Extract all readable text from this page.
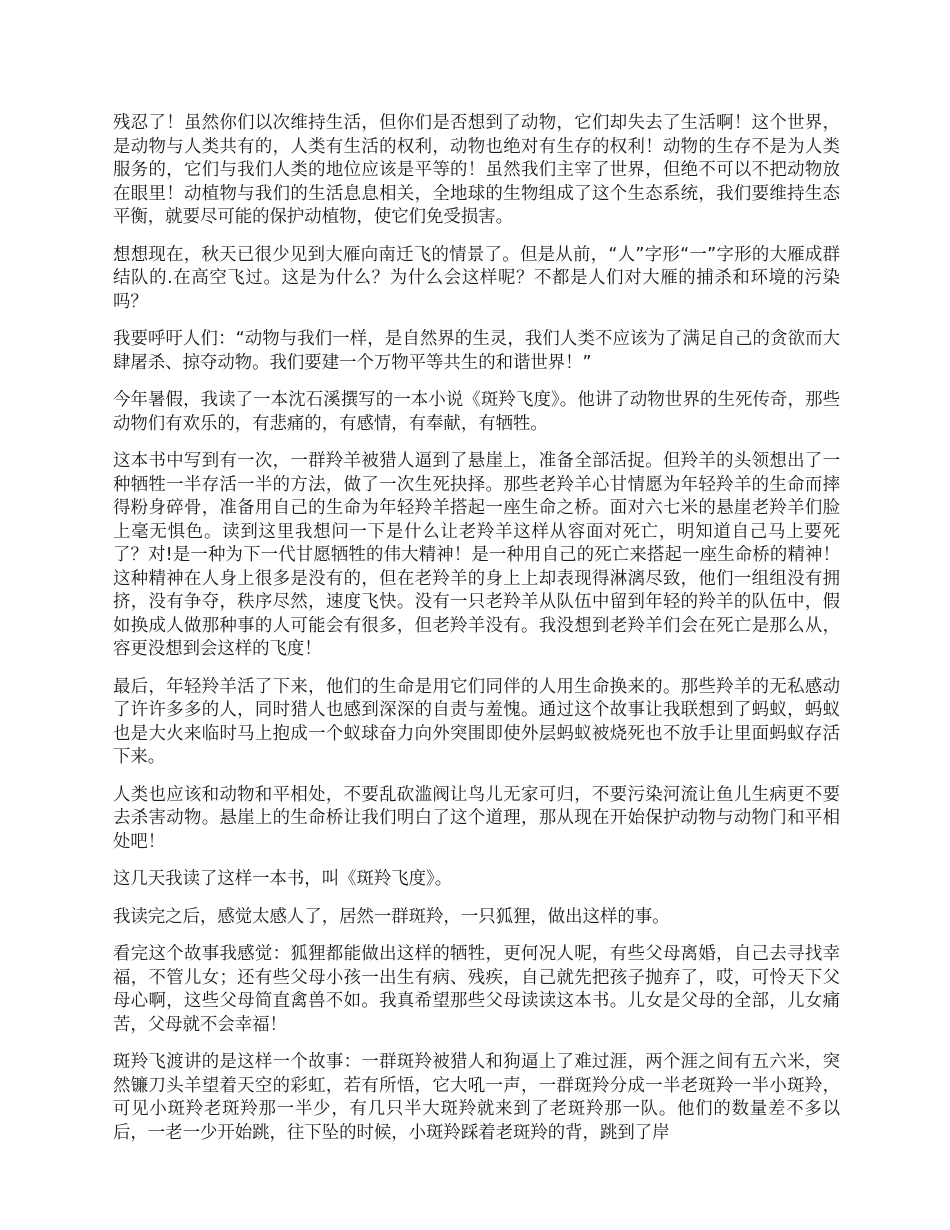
残忍了！虽然你们以次维持生活，但你们是否想到了动物，它们却失去了生活啊！这个世界，是动物与人类共有的，人类有生活的权利，动物也绝对有生存的权利！动物的生存不是为人类服务的，它们与我们人类的地位应该是平等的！虽然我们主宰了世界，但绝不可以不把动物放在眼里！动植物与我们的生活息息相关，全地球的生物组成了这个生态系统，我们要维持生态平衡，就要尽可能的保护动植物，使它们免受损害。

想想现在，秋天已很少见到大雁向南迁飞的情景了。但是从前，“人”字形“一”字形的大雁成群结队的.在高空飞过。这是为什么？为什么会这样呢？不都是人们对大雁的捕杀和环境的污染吗？

我要呼吁人们：“动物与我们一样，是自然界的生灵，我们人类不应该为了满足自己的贪欲而大肆屠杀、掠夺动物。我们要建一个万物平等共生的和谐世界！”

今年暑假，我读了一本沈石溪撰写的一本小说《斑羚飞度》。他讲了动物世界的生死传奇，那些动物们有欢乐的，有悲痛的，有感情，有奉献，有牺牲。

这本书中写到有一次，一群羚羊被猎人逼到了悬崖上，准备全部活捉。但羚羊的头领想出了一种牺牲一半存活一半的方法，做了一次生死抉择。那些老羚羊心甘情愿为年轻羚羊的生命而摔得粉身碎骨，准备用自己的生命为年轻羚羊搭起一座生命之桥。面对六七米的悬崖老羚羊们脸上毫无惧色。读到这里我想问一下是什么让老羚羊这样从容面对死亡，明知道自己马上要死了？对!是一种为下一代甘愿牺牲的伟大精神！是一种用自己的死亡来搭起一座生命桥的精神！这种精神在人身上很多是没有的，但在老羚羊的身上上却表现得淋漓尽致，他们一组组没有拥挤，没有争夺，秩序尽然，速度飞快。没有一只老羚羊从队伍中留到年轻的羚羊的队伍中，假如换成人做那种事的人可能会有很多，但老羚羊没有。我没想到老羚羊们会在死亡是那么从，容更没想到会这样的飞度！

最后，年轻羚羊活了下来，他们的生命是用它们同伴的人用生命换来的。那些羚羊的无私感动了许许多多的人，同时猎人也感到深深的自责与羞愧。通过这个故事让我联想到了蚂蚁，蚂蚁也是大火来临时马上抱成一个蚁球奋力向外突围即使外层蚂蚁被烧死也不放手让里面蚂蚁存活下来。

人类也应该和动物和平相处，不要乱砍滥阀让鸟儿无家可归，不要污染河流让鱼儿生病更不要去杀害动物。悬崖上的生命桥让我们明白了这个道理，那从现在开始保护动物与动物门和平相处吧！

这几天我读了这样一本书，叫《斑羚飞度》。

我读完之后，感觉太感人了，居然一群斑羚，一只狐狸，做出这样的事。

看完这个故事我感觉：狐狸都能做出这样的牺牲，更何况人呢，有些父母离婚，自己去寻找幸福，不管儿女；还有些父母小孩一出生有病、残疾，自己就先把孩子抛弃了，哎，可怜天下父母心啊，这些父母简直禽兽不如。我真希望那些父母读读这本书。儿女是父母的全部，儿女痛苦，父母就不会幸福！

斑羚飞渡讲的是这样一个故事：一群斑羚被猎人和狗逼上了难过涯，两个涯之间有五六米，突然镰刀头羊望着天空的彩虹，若有所悟，它大吼一声，一群斑羚分成一半老斑羚一半小斑羚，可见小斑羚老斑羚那一半少，有几只半大斑羚就来到了老斑羚那一队。他们的数量差不多以后，一老一少开始跳，往下坠的时候，小斑羚踩着老斑羚的背，跳到了岸
